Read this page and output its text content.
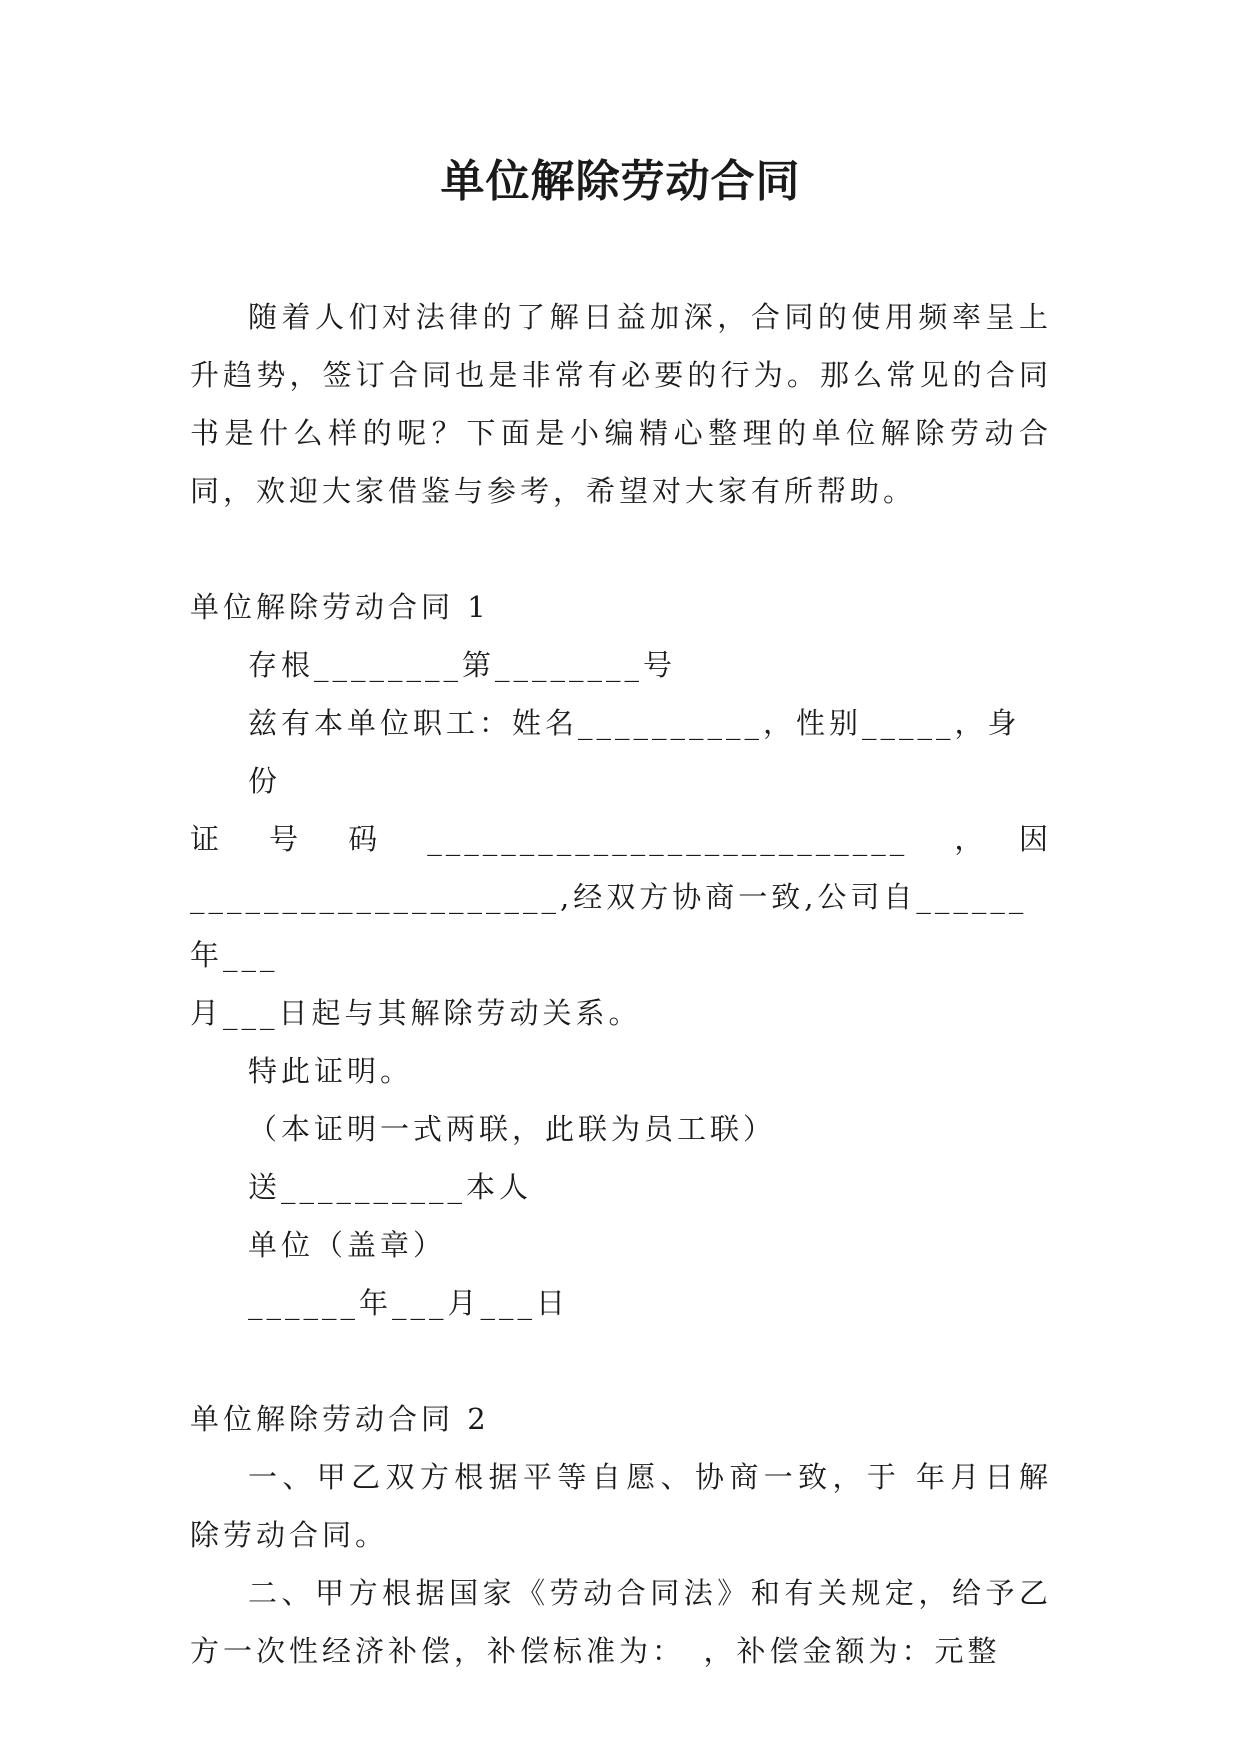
单位解除劳动合同

随着人们对法律的了解日益加深，合同的使用频率呈上升趋势，签订合同也是非常有必要的行为。那么常见的合同书是什么样的呢？下面是小编精心整理的单位解除劳动合同，欢迎大家借鉴与参考，希望对大家有所帮助。

单位解除劳动合同 1

存根________第________号

兹有本单位职工：姓名__________，性别_____，身份

证　号　码　__________________________　，　因

____________________,经双方协商一致,公司自______年___

月___日起与其解除劳动关系。

特此证明。

（本证明一式两联，此联为员工联）

送__________本人

单位（盖章）

______年___月___日

单位解除劳动合同 2

一、甲乙双方根据平等自愿、协商一致，于 年月日解除劳动合同。

二、甲方根据国家《劳动合同法》和有关规定，给予乙方一次性经济补偿，补偿标准为：　，补偿金额为：元整
